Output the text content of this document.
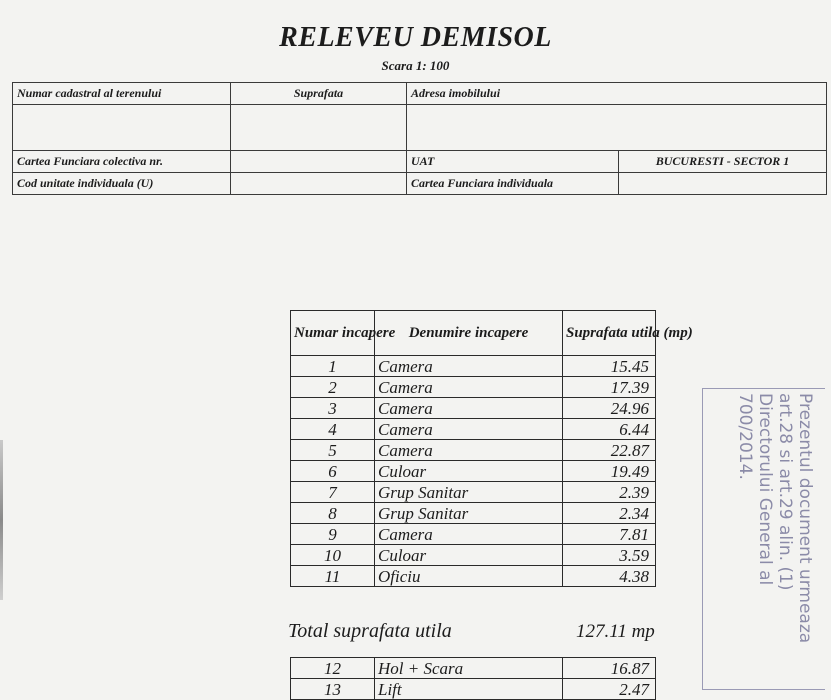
RELEVEU DEMISOL
Scara 1: 100
Numar cadastral al terenului	Suprafata	Adresa imobilului	

Cartea Funciara colectiva nr.		UAT	BUCURESTI - SECTOR 1
Cod unitate individuala (U)		Cartea Funciara individuala	
Numar incapere	Denumire incapere	Suprafata utila (mp)
1	Camera	15.45
2	Camera	17.39
3	Camera	24.96
4	Camera	6.44
5	Camera	22.87
6	Culoar	19.49
7	Grup Sanitar	2.39
8	Grup Sanitar	2.34
9	Camera	7.81
10	Culoar	3.59
11	Oficiu	4.38
Total suprafata utila	127.11 mp
12	Hol + Scara	16.87
13	Lift	2.47
Prezentul document urmeaza
art.28 si art.29 alin. (1)
Directorului General al
700/2014.
